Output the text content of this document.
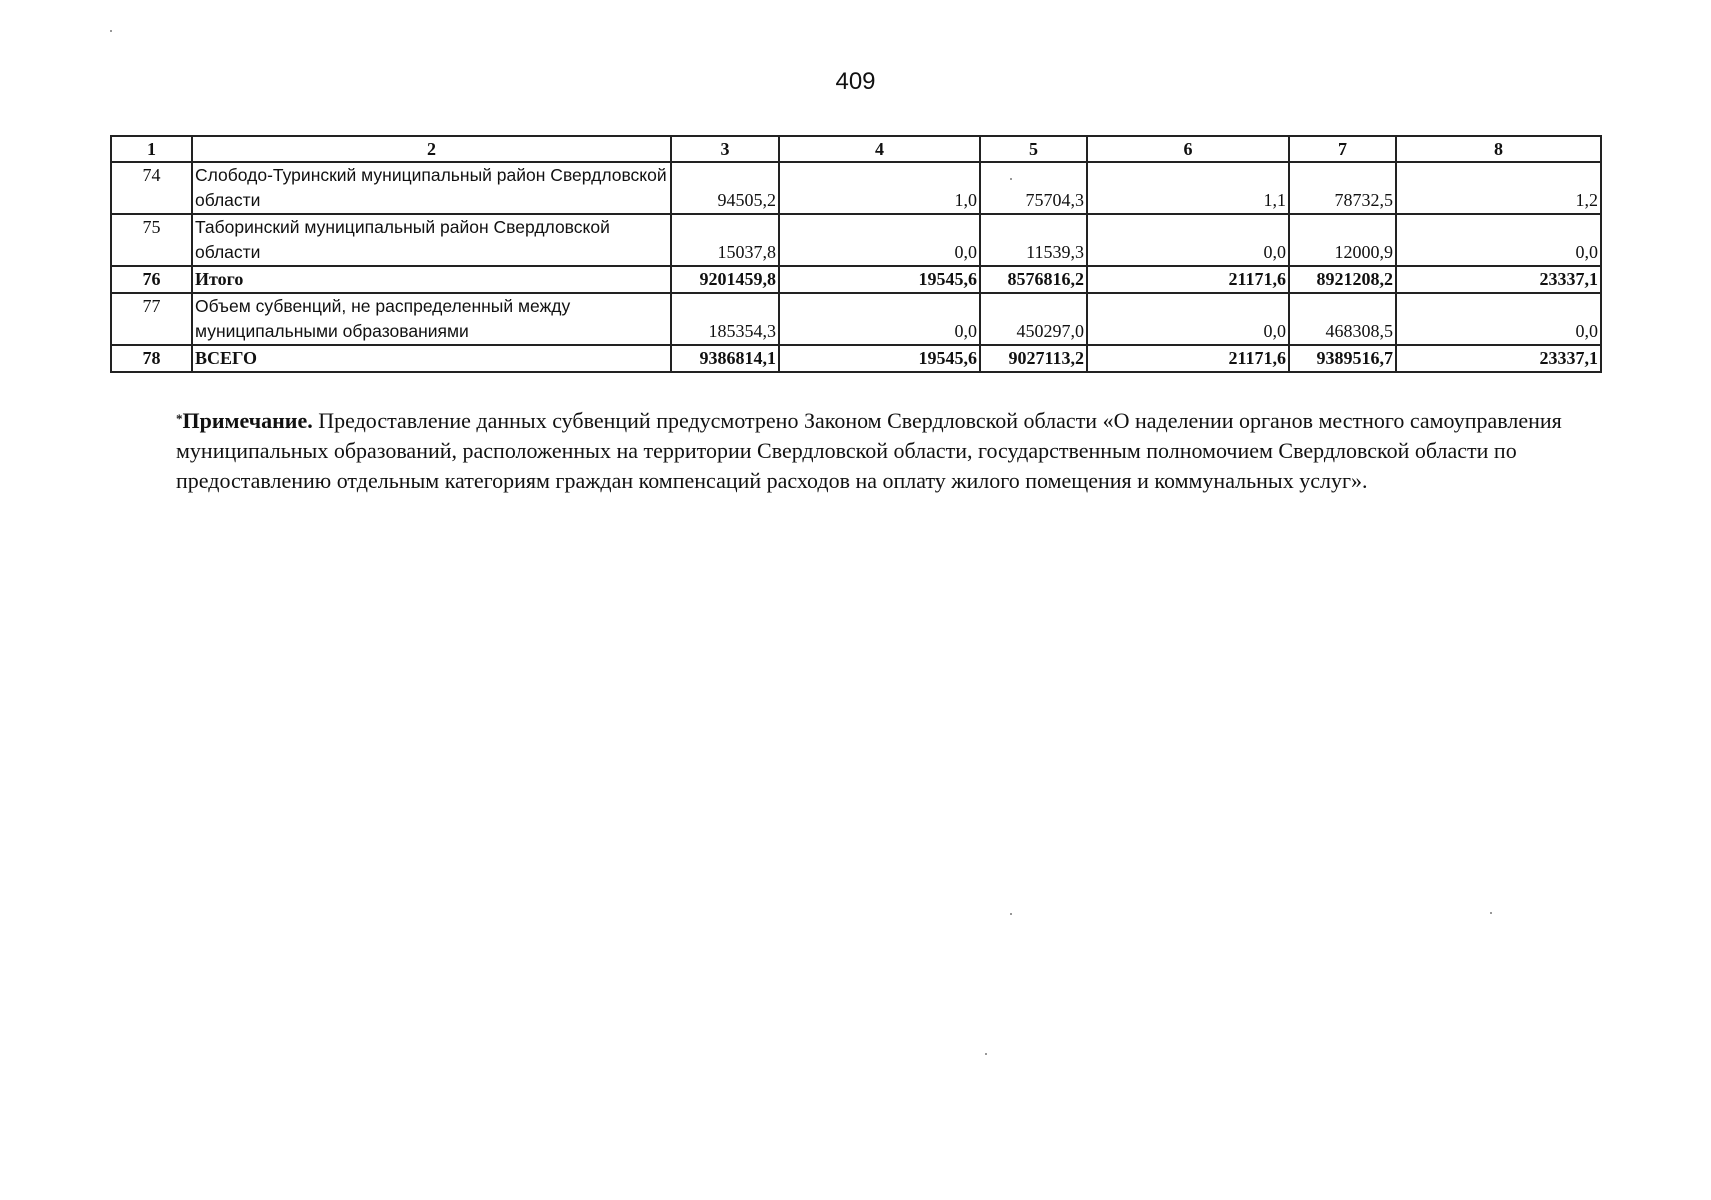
409
1	2	3	4	5	6	7	8
74	Слободо-Туринский муниципальный район Свердловской области	94505,2	1,0	75704,3	1,1	78732,5	1,2
75	Таборинский муниципальный район Свердловской области	15037,8	0,0	11539,3	0,0	12000,9	0,0
76	Итого	9201459,8	19545,6	8576816,2	21171,6	8921208,2	23337,1
77	Объем субвенций, не распределенный между муниципальными образованиями	185354,3	0,0	450297,0	0,0	468308,5	0,0
78	ВСЕГО	9386814,1	19545,6	9027113,2	21171,6	9389516,7	23337,1
*Примечание. Предоставление данных субвенций предусмотрено Законом Свердловской области «О наделении органов местного самоуправления муниципальных образований, расположенных на территории Свердловской области, государственным полномочием Свердловской области по предоставлению отдельным категориям граждан компенсаций расходов на оплату жилого помещения и коммунальных услуг».
